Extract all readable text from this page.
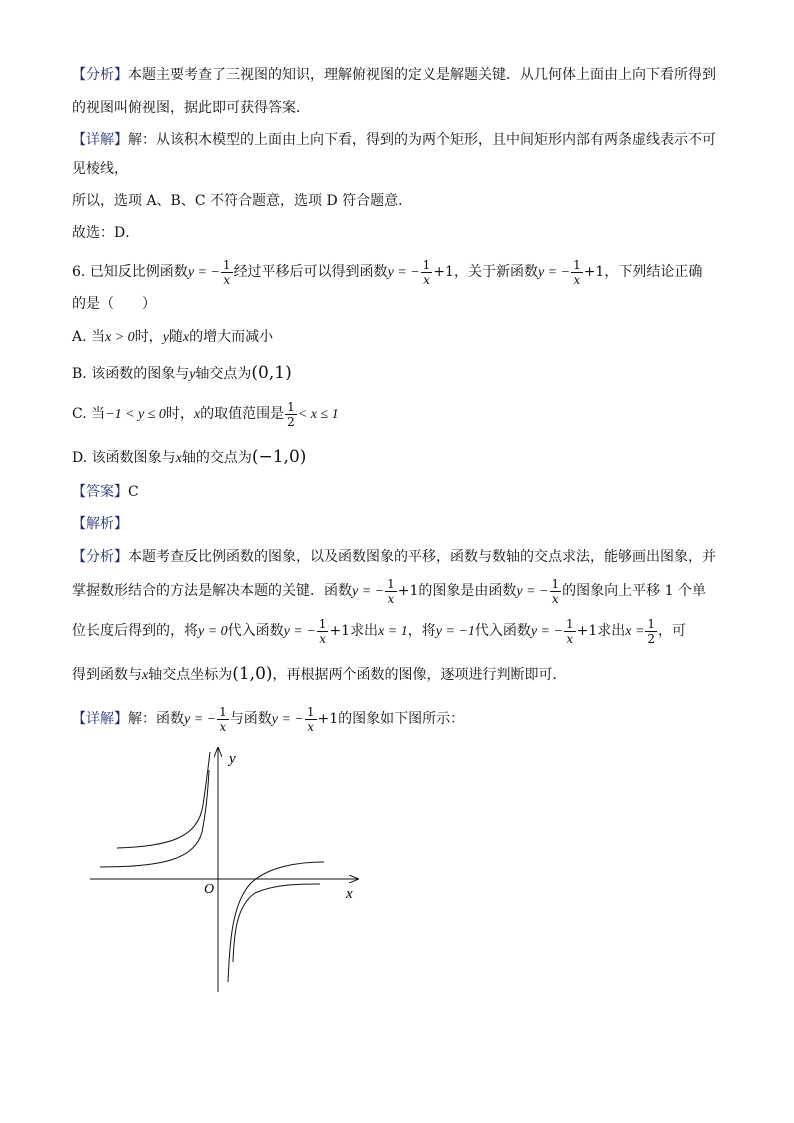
【分析】本题主要考查了三视图的知识，理解俯视图的定义是解题关键．从几何体上面由上向下看所得到
的视图叫俯视图，据此即可获得答案．
【详解】解：从该积木模型的上面由上向下看，得到的为两个矩形，且中间矩形内部有两条虚线表示不可
见棱线，
所以，选项 A、B、C 不符合题意，选项 D 符合题意．
故选：D．
6. 已知反比例函数y = − $\frac{1}{x}$ 经过平移后可以得到函数y = − $\frac{1}{x} +1$，关于新函数y = − $\frac{1}{x} +1$，下列结论正确
的是（　　）
A. 当x > 0时，y随x的增大而减小
B. 该函数的图象与y轴交点为(0,1)
C. 当−1 < y ≤ 0时，x的取值范围是 $\frac{1}{2} < x \le 1$
D. 该函数图象与x轴的交点为(−1,0)
【答案】C
【解析】
【分析】本题考查反比例函数的图象，以及函数图象的平移，函数与数轴的交点求法，能够画出图象，并
掌握数形结合的方法是解决本题的关键．函数y = − $\frac{1}{x} +1$的图象是由函数y = − $\frac{1}{x}$ 的图象向上平移 1 个单
位长度后得到的，将y = 0代入函数y = − $\frac{1}{x} +1$求出x = 1，将y = −1代入函数y = − $\frac{1}{x} +1$求出$x = \frac{1}{2}$ ，可
得到函数与x轴交点坐标为(1,0)，再根据两个函数的图像，逐项进行判断即可．
【详解】解：函数y = − $\frac{1}{x}$ 与函数y = − $\frac{1}{x} +1$的图象如下图所示：
y
x
O
